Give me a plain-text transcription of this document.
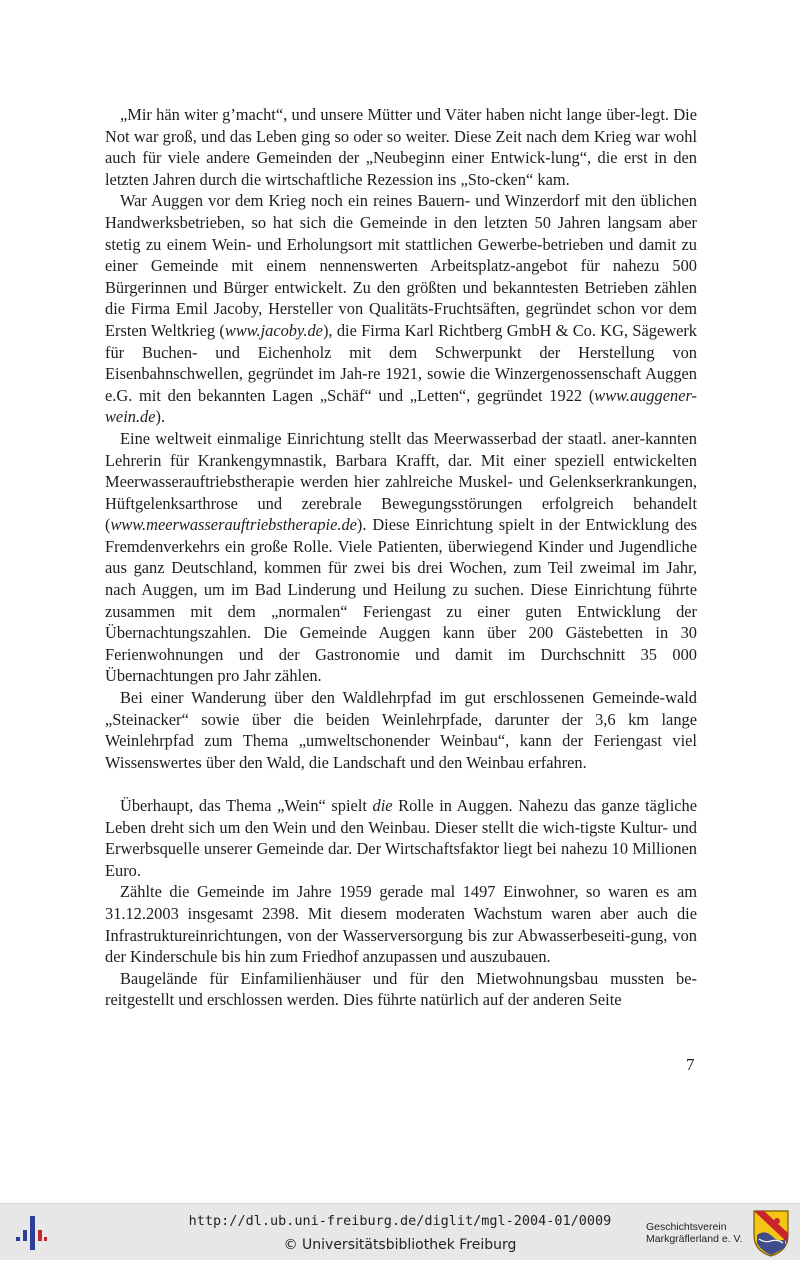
„Mir hän witer g’macht“, und unsere Mütter und Väter haben nicht lange über-legt. Die Not war groß, und das Leben ging so oder so weiter. Diese Zeit nach dem Krieg war wohl auch für viele andere Gemeinden der „Neubeginn einer Entwick-lung“, die erst in den letzten Jahren durch die wirtschaftliche Rezession ins „Sto-cken“ kam.

War Auggen vor dem Krieg noch ein reines Bauern- und Winzerdorf mit den üblichen Handwerksbetrieben, so hat sich die Gemeinde in den letzten 50 Jahren langsam aber stetig zu einem Wein- und Erholungsort mit stattlichen Gewerbe-betrieben und damit zu einer Gemeinde mit einem nennenswerten Arbeitsplatz-angebot für nahezu 500 Bürgerinnen und Bürger entwickelt. Zu den größten und bekanntesten Betrieben zählen die Firma Emil Jacoby, Hersteller von Qualitäts-Fruchtsäften, gegründet schon vor dem Ersten Weltkrieg (www.jacoby.de), die Firma Karl Richtberg GmbH & Co. KG, Sägewerk für Buchen- und Eichenholz mit dem Schwerpunkt der Herstellung von Eisenbahnschwellen, gegründet im Jah-re 1921, sowie die Winzergenossenschaft Auggen e.G. mit den bekannten Lagen „Schäf“ und „Letten“, gegründet 1922 (www.auggener-wein.de).

Eine weltweit einmalige Einrichtung stellt das Meerwasserbad der staatl. aner-kannten Lehrerin für Krankengymnastik, Barbara Krafft, dar. Mit einer speziell entwickelten Meerwasserauftriebstherapie werden hier zahlreiche Muskel- und Gelenkserkrankungen, Hüftgelenksarthrose und zerebrale Bewegungsstörungen erfolgreich behandelt (www.meerwasserauftriebstherapie.de). Diese Einrichtung spielt in der Entwicklung des Fremdenverkehrs ein große Rolle. Viele Patienten, überwiegend Kinder und Jugendliche aus ganz Deutschland, kommen für zwei bis drei Wochen, zum Teil zweimal im Jahr, nach Auggen, um im Bad Linderung und Heilung zu suchen. Diese Einrichtung führte zusammen mit dem „normalen“ Feriengast zu einer guten Entwicklung der Übernachtungszahlen. Die Gemeinde Auggen kann über 200 Gästebetten in 30 Ferienwohnungen und der Gastronomie und damit im Durchschnitt 35 000 Übernachtungen pro Jahr zählen.

Bei einer Wanderung über den Waldlehrpfad im gut erschlossenen Gemeinde-wald „Steinacker“ sowie über die beiden Weinlehrpfade, darunter der 3,6 km lange Weinlehrpfad zum Thema „umweltschonender Weinbau“, kann der Feriengast viel Wissenswertes über den Wald, die Landschaft und den Weinbau erfahren.

Überhaupt, das Thema „Wein“ spielt die Rolle in Auggen. Nahezu das ganze tägliche Leben dreht sich um den Wein und den Weinbau. Dieser stellt die wich-tigste Kultur- und Erwerbsquelle unserer Gemeinde dar. Der Wirtschaftsfaktor liegt bei nahezu 10 Millionen Euro.

Zählte die Gemeinde im Jahre 1959 gerade mal 1497 Einwohner, so waren es am 31.12.2003 insgesamt 2398. Mit diesem moderaten Wachstum waren aber auch die Infrastruktureinrichtungen, von der Wasserversorgung bis zur Abwasserbeseiti-gung, von der Kinderschule bis hin zum Friedhof anzupassen und auszubauen.

Baugelände für Einfamilienhäuser und für den Mietwohnungsbau mussten be-reitgestellt und erschlossen werden. Dies führte natürlich auf der anderen Seite

7
http://dl.ub.uni-freiburg.de/diglit/mgl-2004-01/0009
© Universitätsbibliothek Freiburg
Geschichtsverein
Markgräflerland e. V.
